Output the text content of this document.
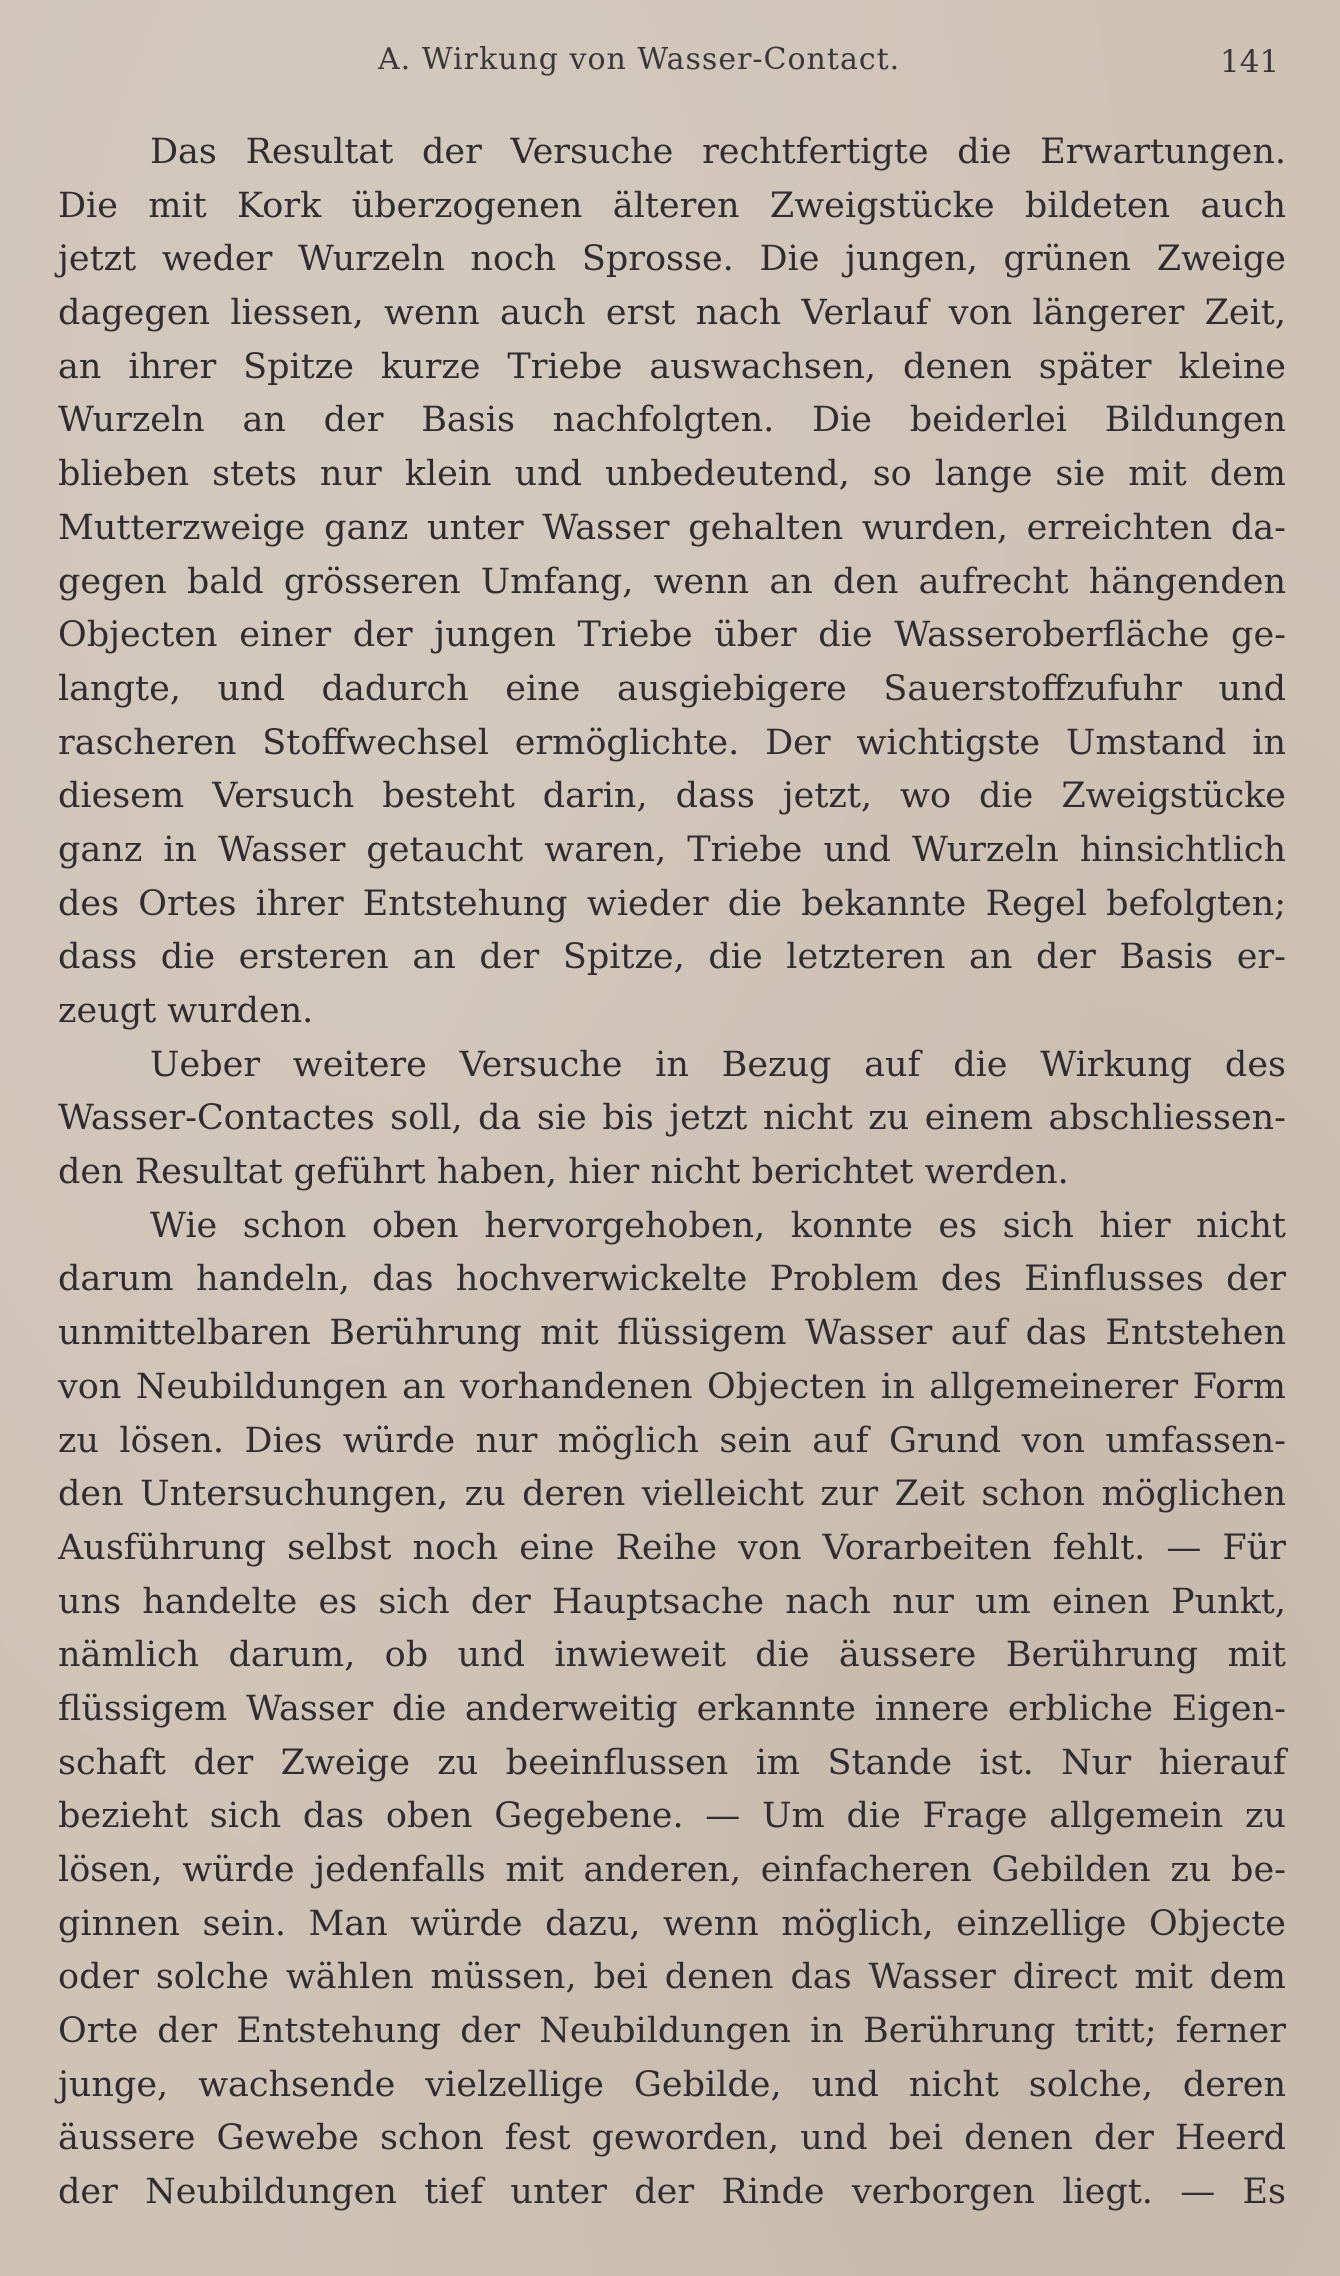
A. Wirkung von Wasser-Contact.	141
Das Resultat der Versuche rechtfertigte die Erwartungen.
Die mit Kork überzogenen älteren Zweigstücke bildeten auch
jetzt weder Wurzeln noch Sprosse. Die jungen, grünen Zweige
dagegen liessen, wenn auch erst nach Verlauf von längerer Zeit,
an ihrer Spitze kurze Triebe auswachsen, denen später kleine
Wurzeln an der Basis nachfolgten. Die beiderlei Bildungen
blieben stets nur klein und unbedeutend, so lange sie mit dem
Mutterzweige ganz unter Wasser gehalten wurden, erreichten da-
gegen bald grösseren Umfang, wenn an den aufrecht hängenden
Objecten einer der jungen Triebe über die Wasseroberfläche ge-
langte, und dadurch eine ausgiebigere Sauerstoffzufuhr und
rascheren Stoffwechsel ermöglichte. Der wichtigste Umstand in
diesem Versuch besteht darin, dass jetzt, wo die Zweigstücke
ganz in Wasser getaucht waren, Triebe und Wurzeln hinsichtlich
des Ortes ihrer Entstehung wieder die bekannte Regel befolgten;
dass die ersteren an der Spitze, die letzteren an der Basis er-
zeugt wurden.
Ueber weitere Versuche in Bezug auf die Wirkung des
Wasser-Contactes soll, da sie bis jetzt nicht zu einem abschliessen-
den Resultat geführt haben, hier nicht berichtet werden.
Wie schon oben hervorgehoben, konnte es sich hier nicht
darum handeln, das hochverwickelte Problem des Einflusses der
unmittelbaren Berührung mit flüssigem Wasser auf das Entstehen
von Neubildungen an vorhandenen Objecten in allgemeinerer Form
zu lösen. Dies würde nur möglich sein auf Grund von umfassen-
den Untersuchungen, zu deren vielleicht zur Zeit schon möglichen
Ausführung selbst noch eine Reihe von Vorarbeiten fehlt. — Für
uns handelte es sich der Hauptsache nach nur um einen Punkt,
nämlich darum, ob und inwieweit die äussere Berührung mit
flüssigem Wasser die anderweitig erkannte innere erbliche Eigen-
schaft der Zweige zu beeinflussen im Stande ist. Nur hierauf
bezieht sich das oben Gegebene. — Um die Frage allgemein zu
lösen, würde jedenfalls mit anderen, einfacheren Gebilden zu be-
ginnen sein. Man würde dazu, wenn möglich, einzellige Objecte
oder solche wählen müssen, bei denen das Wasser direct mit dem
Orte der Entstehung der Neubildungen in Berührung tritt; ferner
junge, wachsende vielzellige Gebilde, und nicht solche, deren
äussere Gewebe schon fest geworden, und bei denen der Heerd
der Neubildungen tief unter der Rinde verborgen liegt. — Es
